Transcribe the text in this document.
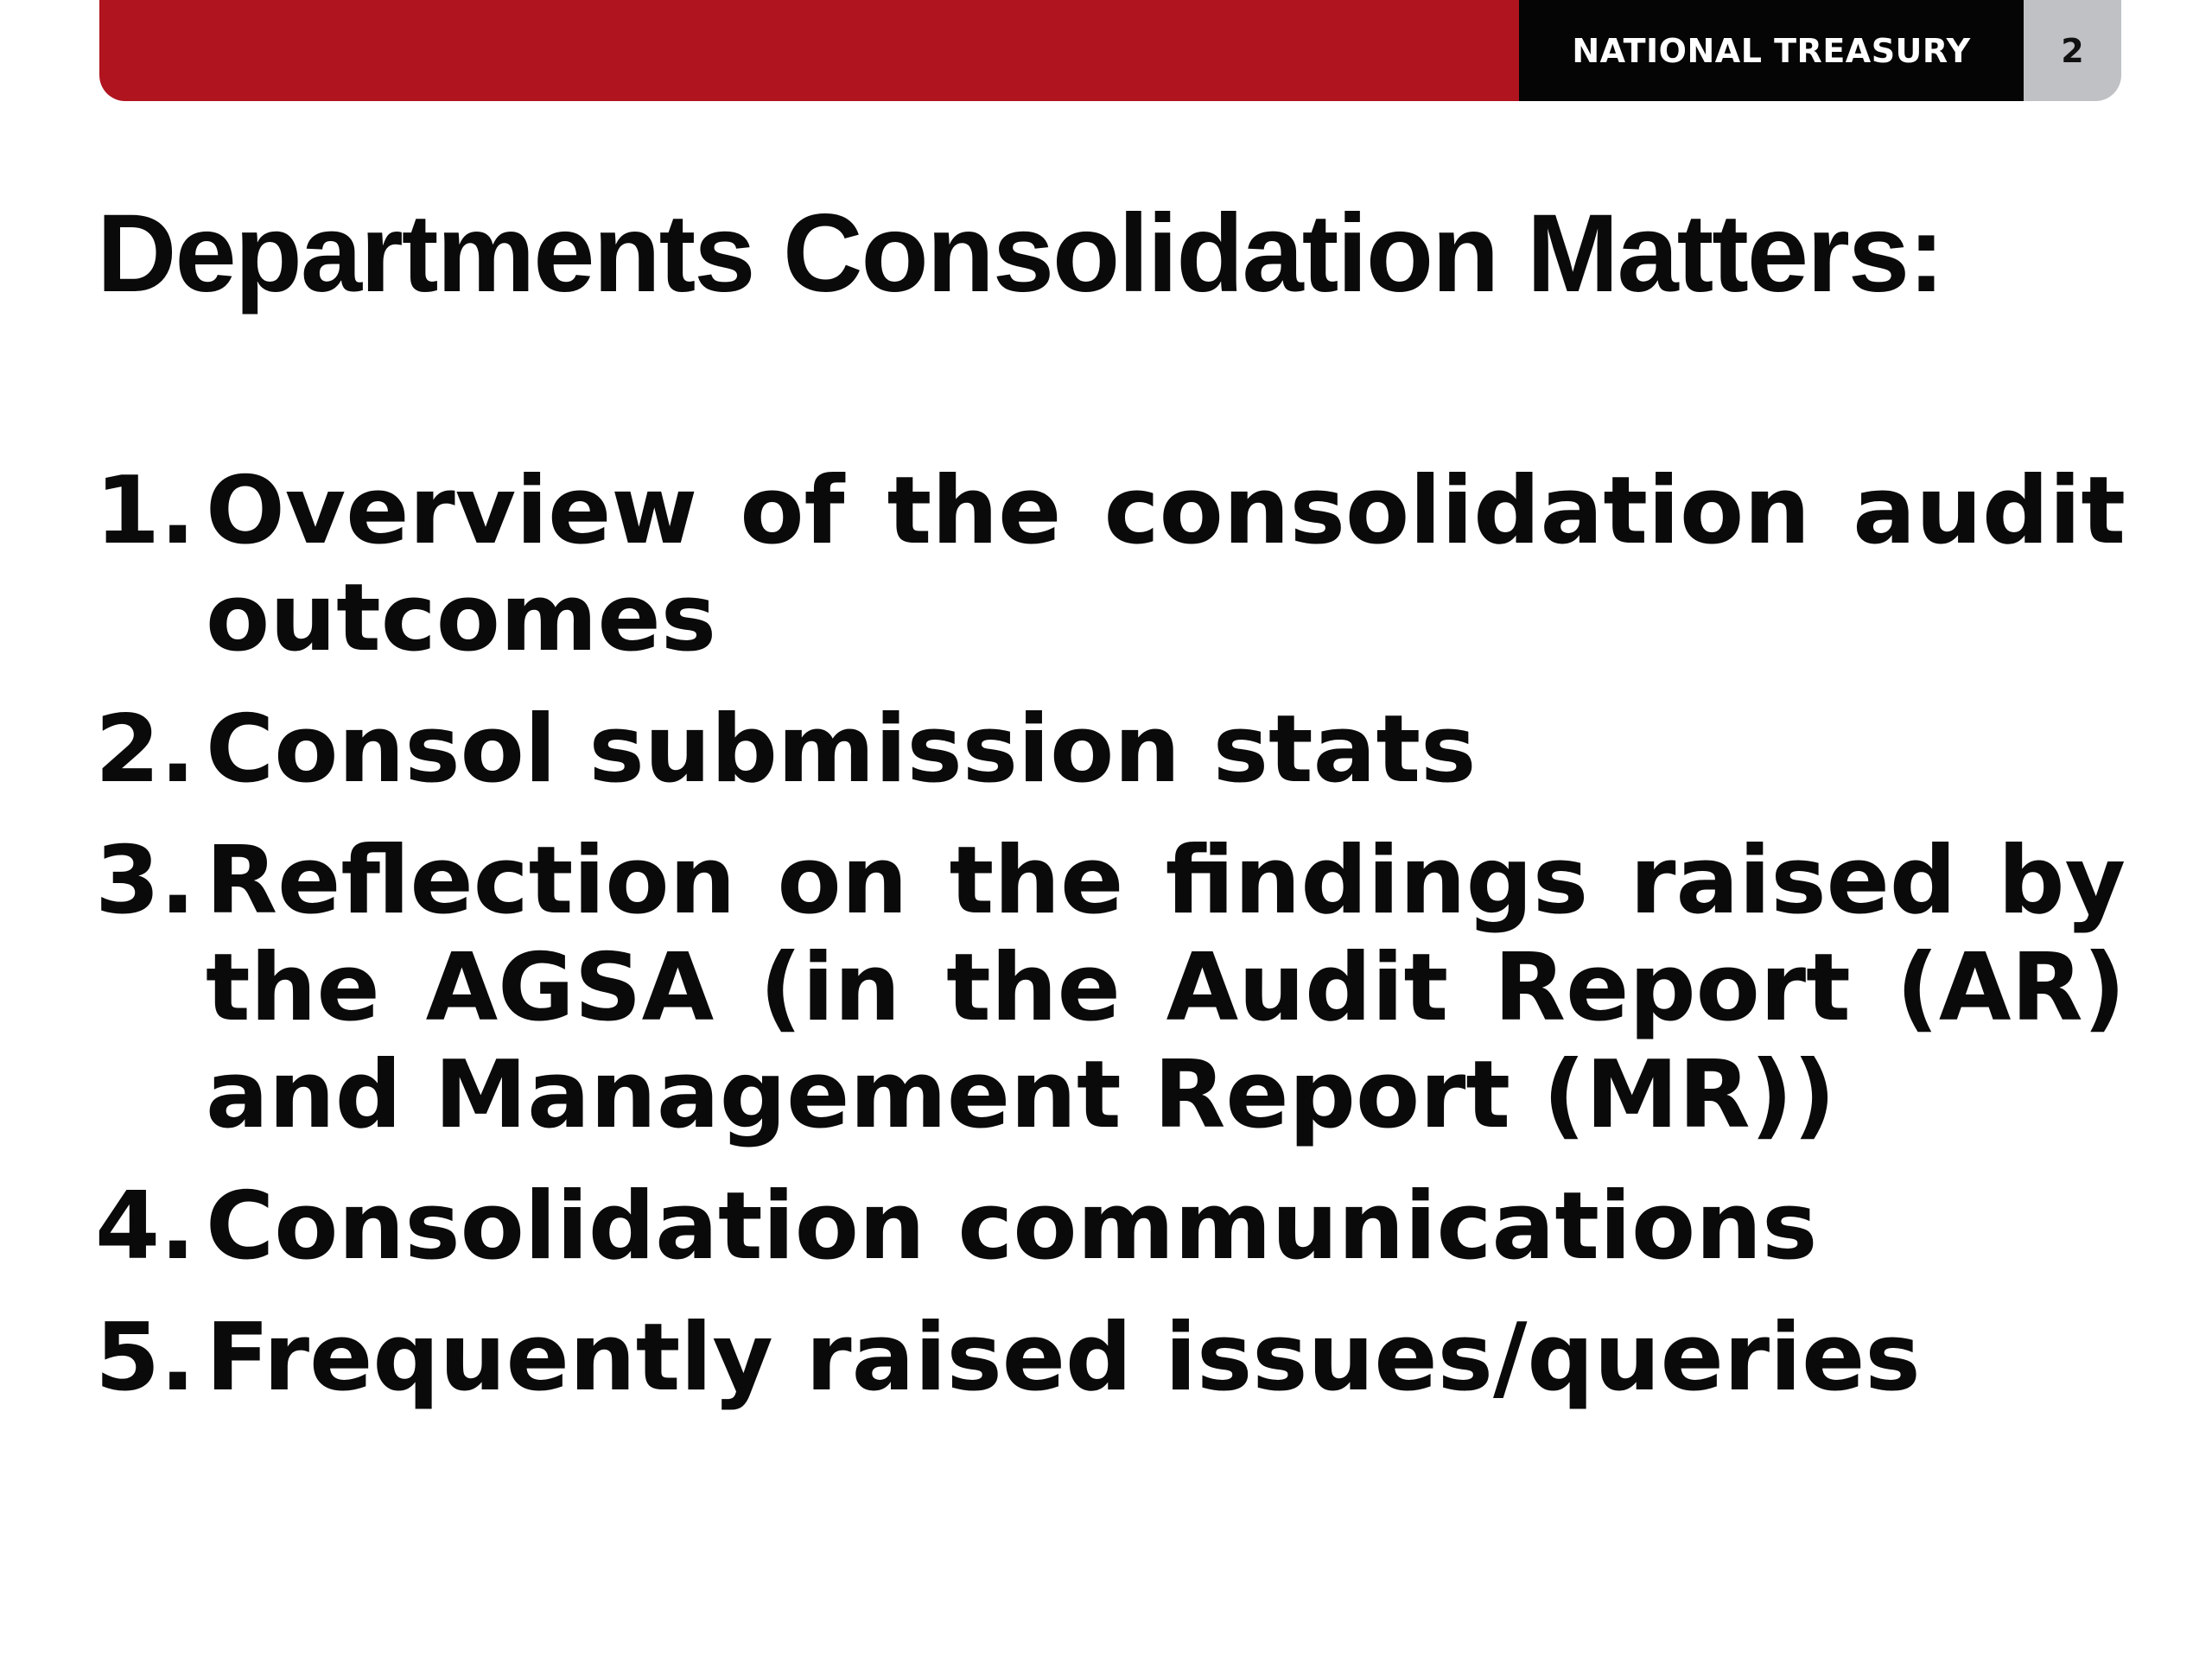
NATIONAL TREASURY	2
Departments Consolidation Matters:
1. Overview of the consolidation audit outcomes
2. Consol submission stats
3. Reflection on the findings raised by the AGSA (in the Audit Report (AR) and Management Report (MR))
4. Consolidation communications
5. Frequently raised issues/queries
